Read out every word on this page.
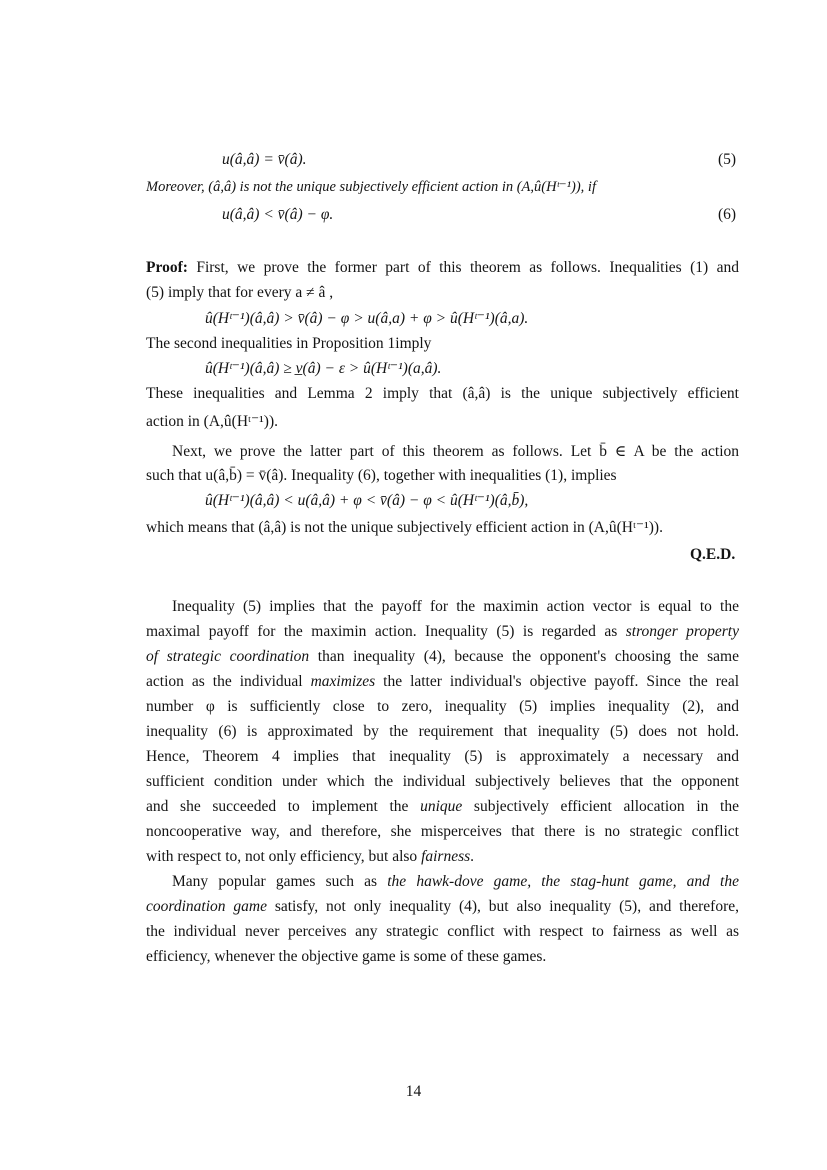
u(â,â) = v̄(â).	(5)
Moreover, (â,â) is not the unique subjectively efficient action in (A,û(Hᵗ⁻¹)), if
u(â,â) < v̄(â) − φ.	(6)
Proof: First, we prove the former part of this theorem as follows. Inequalities (1) and
(5) imply that for every a ≠ â ,
û(Hᵗ⁻¹)(â,â) > v̄(â) − φ > u(â,a) + φ > û(Hᵗ⁻¹)(â,a).
The second inequalities in Proposition 1imply
û(Hᵗ⁻¹)(â,â) ≥ v̲(â) − ε > û(Hᵗ⁻¹)(a,â).
These inequalities and Lemma 2 imply that (â,â) is the unique subjectively efficient
action in (A,û(Hᵗ⁻¹)).
Next, we prove the latter part of this theorem as follows. Let b̄ ∈ A be the action
such that u(â,b̄) = v̄(â). Inequality (6), together with inequalities (1), implies
û(Hᵗ⁻¹)(â,â) < u(â,â) + φ < v̄(â) − φ < û(Hᵗ⁻¹)(â,b̄),
which means that (â,â) is not the unique subjectively efficient action in (A,û(Hᵗ⁻¹)).
Q.E.D.
Inequality (5) implies that the payoff for the maximin action vector is equal to the
maximal payoff for the maximin action. Inequality (5) is regarded as stronger property
of strategic coordination than inequality (4), because the opponent's choosing the same
action as the individual maximizes the latter individual's objective payoff. Since the real
number φ is sufficiently close to zero, inequality (5) implies inequality (2), and
inequality (6) is approximated by the requirement that inequality (5) does not hold.
Hence, Theorem 4 implies that inequality (5) is approximately a necessary and
sufficient condition under which the individual subjectively believes that the opponent
and she succeeded to implement the unique subjectively efficient allocation in the
noncooperative way, and therefore, she misperceives that there is no strategic conflict
with respect to, not only efficiency, but also fairness.
Many popular games such as the hawk-dove game, the stag-hunt game, and the
coordination game satisfy, not only inequality (4), but also inequality (5), and therefore,
the individual never perceives any strategic conflict with respect to fairness as well as
efficiency, whenever the objective game is some of these games.
14
